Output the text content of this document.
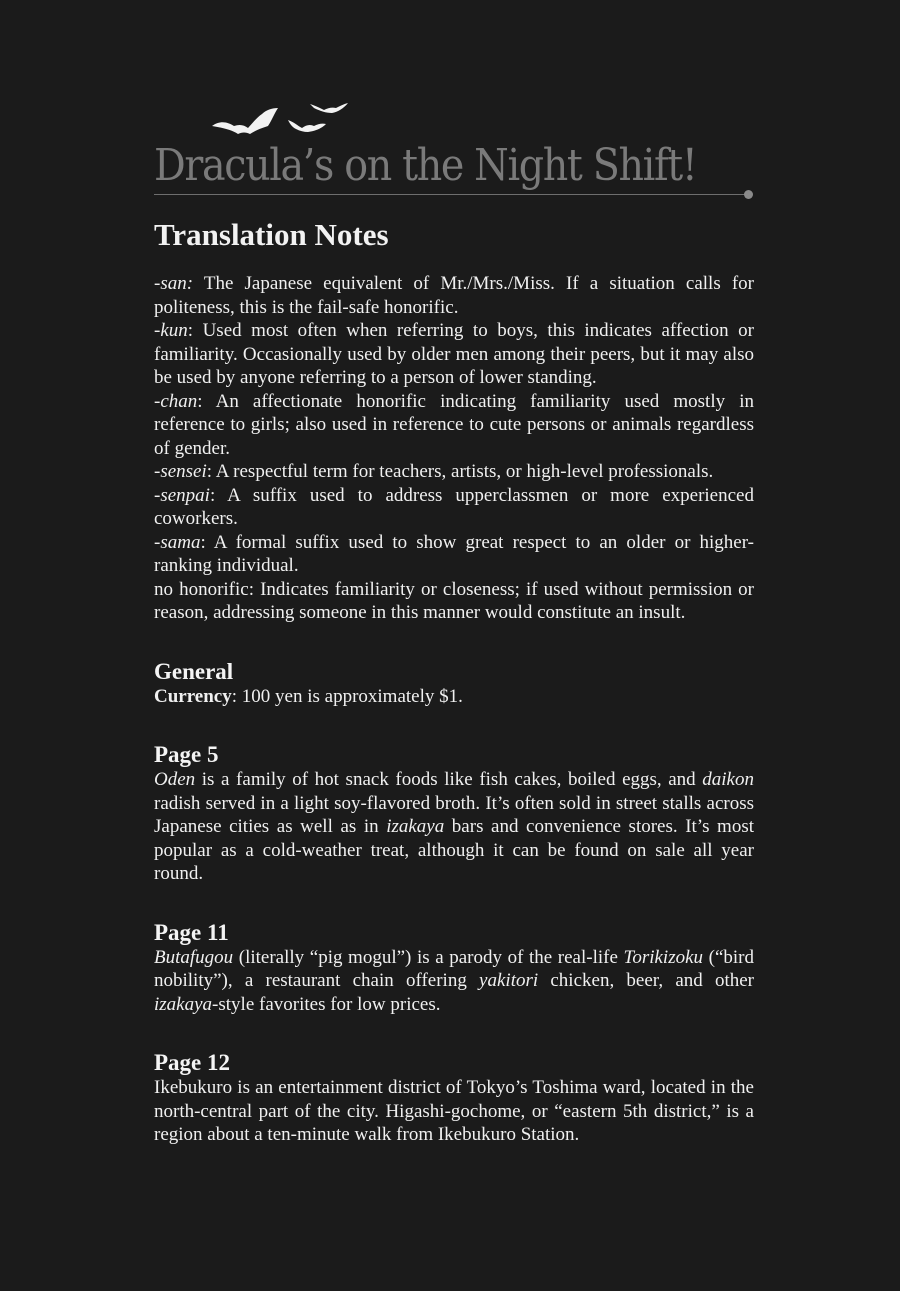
Dracula’s on the Night Shift!
Translation Notes

-san: The Japanese equivalent of Mr./Mrs./Miss. If a situation calls for politeness, this is the fail-safe honorific.

-kun: Used most often when referring to boys, this indicates affection or familiarity. Occasionally used by older men among their peers, but it may also be used by anyone referring to a person of lower standing.

-chan: An affectionate honorific indicating familiarity used mostly in reference to girls; also used in reference to cute persons or animals regardless of gender.

-sensei: A respectful term for teachers, artists, or high-level professionals.

-senpai: A suffix used to address upperclassmen or more experienced coworkers.

-sama: A formal suffix used to show great respect to an older or higher-ranking individual.

no honorific: Indicates familiarity or closeness; if used without permission or reason, addressing someone in this manner would constitute an insult.

General

Currency: 100 yen is approximately $1.

Page 5

Oden is a family of hot snack foods like fish cakes, boiled eggs, and daikon radish served in a light soy-flavored broth. It’s often sold in street stalls across Japanese cities as well as in izakaya bars and convenience stores. It’s most popular as a cold-weather treat, although it can be found on sale all year round.

Page 11

Butafugou (literally “pig mogul”) is a parody of the real-life Torikizoku (“bird nobility”), a restaurant chain offering yakitori chicken, beer, and other izakaya-style favorites for low prices.

Page 12

Ikebukuro is an entertainment district of Tokyo’s Toshima ward, located in the north-central part of the city. Higashi-gochome, or “eastern 5th district,” is a region about a ten-minute walk from Ikebukuro Station.
